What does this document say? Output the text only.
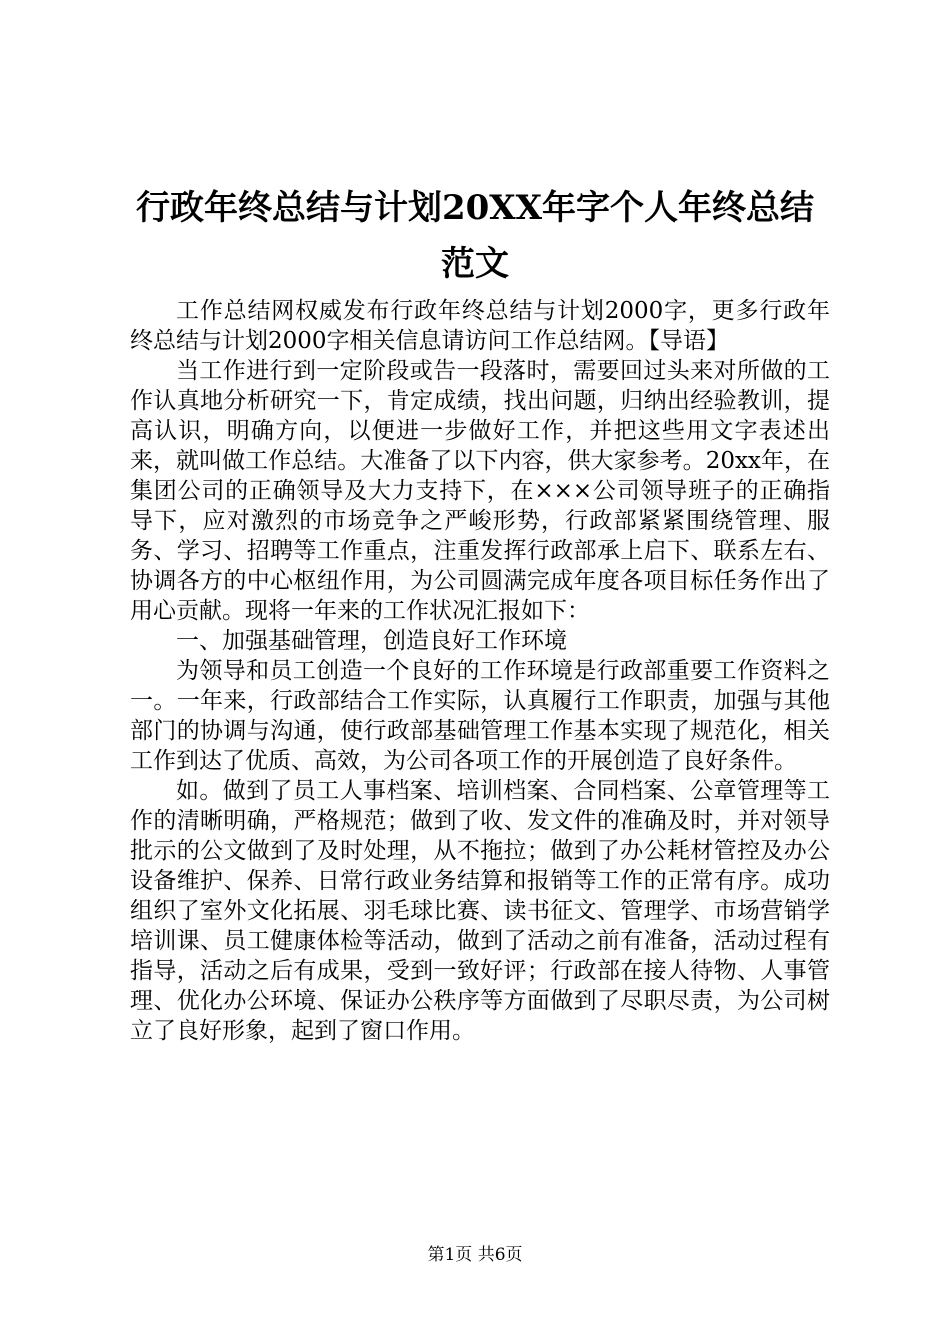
行政年终总结与计划20XX年字个人年终总结范文

工作总结网权威发布行政年终总结与计划2000字，更多行政年终总结与计划2000字相关信息请访问工作总结网。【导语】

当工作进行到一定阶段或告一段落时，需要回过头来对所做的工作认真地分析研究一下，肯定成绩，找出问题，归纳出经验教训，提高认识，明确方向，以便进一步做好工作，并把这些用文字表述出来，就叫做工作总结。大准备了以下内容，供大家参考。20xx年，在集团公司的正确领导及大力支持下，在×××公司领导班子的正确指导下，应对激烈的市场竞争之严峻形势，行政部紧紧围绕管理、服务、学习、招聘等工作重点，注重发挥行政部承上启下、联系左右、协调各方的中心枢纽作用，为公司圆满完成年度各项目标任务作出了用心贡献。现将一年来的工作状况汇报如下：

一、加强基础管理，创造良好工作环境

为领导和员工创造一个良好的工作环境是行政部重要工作资料之一。一年来，行政部结合工作实际，认真履行工作职责，加强与其他部门的协调与沟通，使行政部基础管理工作基本实现了规范化，相关工作到达了优质、高效，为公司各项工作的开展创造了良好条件。

如。做到了员工人事档案、培训档案、合同档案、公章管理等工作的清晰明确，严格规范；做到了收、发文件的准确及时，并对领导批示的公文做到了及时处理，从不拖拉；做到了办公耗材管控及办公设备维护、保养、日常行政业务结算和报销等工作的正常有序。成功组织了室外文化拓展、羽毛球比赛、读书征文、管理学、市场营销学培训课、员工健康体检等活动，做到了活动之前有准备，活动过程有指导，活动之后有成果，受到一致好评；行政部在接人待物、人事管理、优化办公环境、保证办公秩序等方面做到了尽职尽责，为公司树立了良好形象，起到了窗口作用。

第1页 共6页
